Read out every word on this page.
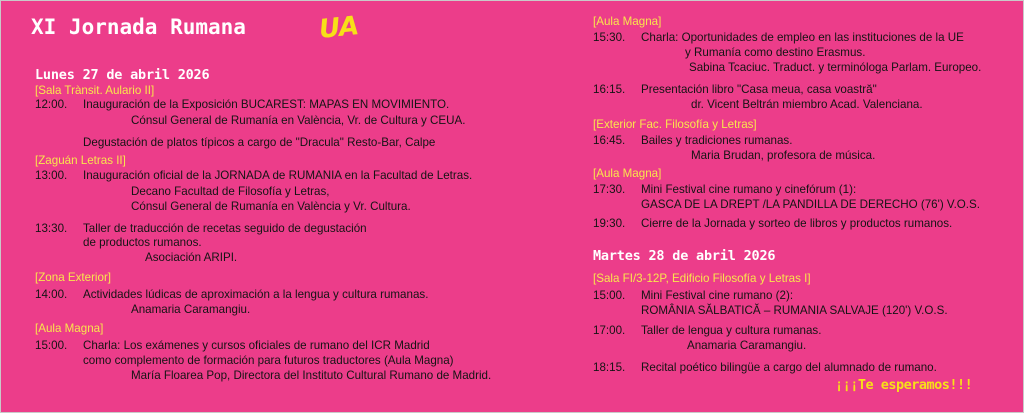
XI Jornada Rumana	UA
Lunes 27 de abril 2026
[Sala Trànsit. Aulario II]
12:00. Inauguración de la Exposición BUCAREST: MAPAS EN MOVIMIENTO.
Cónsul General de Rumanía en València, Vr. de Cultura y CEUA.
Degustación de platos típicos a cargo de "Dracula" Resto-Bar, Calpe
[Zaguán Letras II]
13:00. Inauguración oficial de la JORNADA de RUMANIA en la Facultad de Letras.
Decano Facultad de Filosofía y Letras,
Cónsul General de Rumanía en València y Vr. Cultura.
13:30. Taller de traducción de recetas seguido de degustación
de productos rumanos.
Asociación ARIPI.
[Zona Exterior]
14:00. Actividades lúdicas de aproximación a la lengua y cultura rumanas.
Anamaria Caramangiu.
[Aula Magna]
15:00. Charla: Los exámenes y cursos oficiales de rumano del ICR Madrid
como complemento de formación para futuros traductores (Aula Magna)
María Floarea Pop, Directora del Instituto Cultural Rumano de Madrid.
[Aula Magna]
15:30. Charla: Oportunidades de empleo en las instituciones de la UE
y Rumanía como destino Erasmus.
Sabina Tcaciuc. Traduct. y terminóloga Parlam. Europeo.
16:15. Presentación libro "Casa meua, casa voastră"
dr. Vicent Beltrán miembro Acad. Valenciana.
[Exterior Fac. Filosofía y Letras]
16:45. Bailes y tradiciones rumanas.
Maria Brudan, profesora de música.
[Aula Magna]
17:30. Mini Festival cine rumano y cinefórum (1):
GASCA DE LA DREPT /LA PANDILLA DE DERECHO (76') V.O.S.
19:30. Cierre de la Jornada y sorteo de libros y productos rumanos.
Martes 28 de abril 2026
[Sala FI/3-12P, Edificio Filosofía y Letras I]
15:00. Mini Festival cine rumano (2):
ROMÂNIA SĂLBATICĂ – RUMANIA SALVAJE (120') V.O.S.
17:00. Taller de lengua y cultura rumanas.
Anamaria Caramangiu.
18:15. Recital poético bilingüe a cargo del alumnado de rumano.
¡¡¡Te esperamos!!!
